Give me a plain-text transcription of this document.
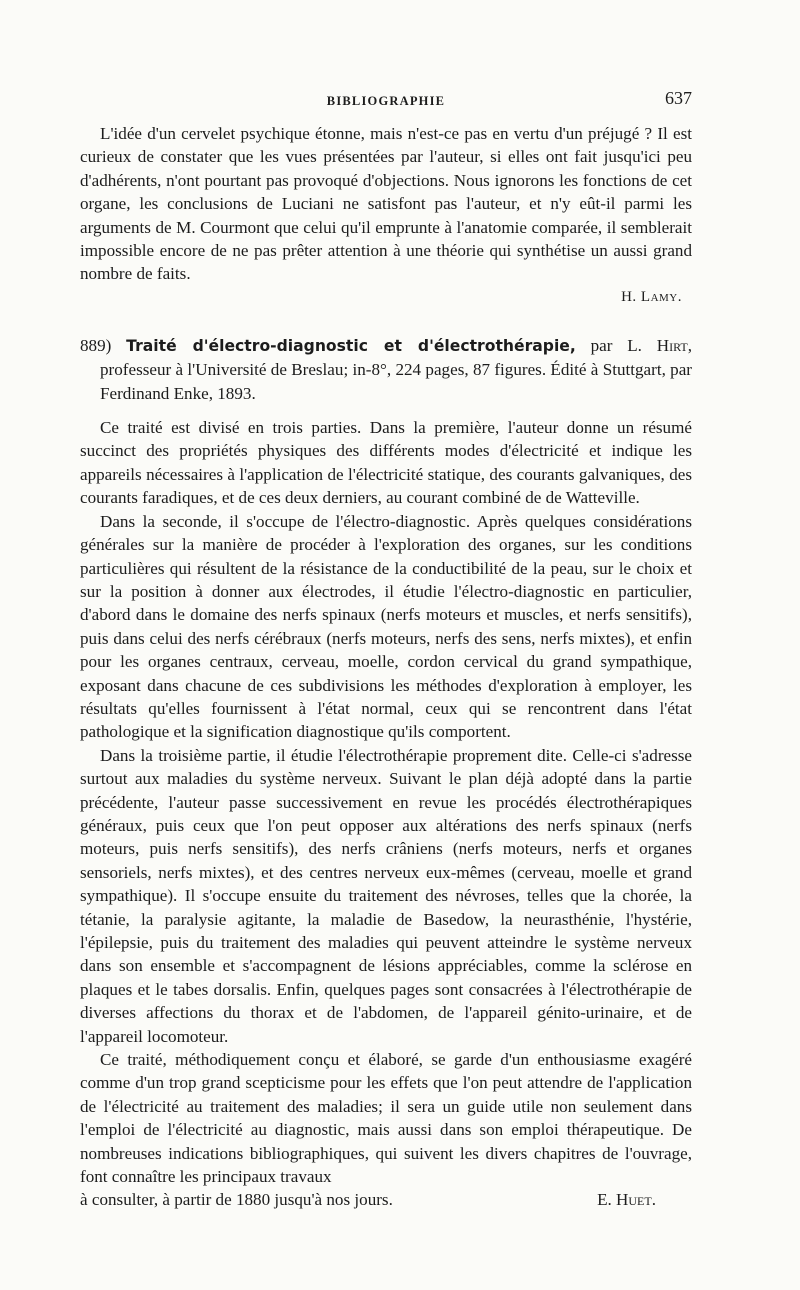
BIBLIOGRAPHIE	637

L'idée d'un cervelet psychique étonne, mais n'est-ce pas en vertu d'un préjugé ? Il est curieux de constater que les vues présentées par l'auteur, si elles ont fait jusqu'ici peu d'adhérents, n'ont pourtant pas provoqué d'objections. Nous ignorons les fonctions de cet organe, les conclusions de Luciani ne satisfont pas l'auteur, et n'y eût-il parmi les arguments de M. Courmont que celui qu'il emprunte à l'anatomie comparée, il semblerait impossible encore de ne pas prêter attention à une théorie qui synthétise un aussi grand nombre de faits.

H. Lamy.

889) Traité d'électro-diagnostic et d'électrothérapie, par L. Hirt, professeur à l'Université de Breslau; in-8°, 224 pages, 87 figures. Édité à Stuttgart, par Ferdinand Enke, 1893.

Ce traité est divisé en trois parties. Dans la première, l'auteur donne un résumé succinct des propriétés physiques des différents modes d'électricité et indique les appareils nécessaires à l'application de l'électricité statique, des courants galvaniques, des courants faradiques, et de ces deux derniers, au courant combiné de de Watteville.

Dans la seconde, il s'occupe de l'électro-diagnostic. Après quelques considérations générales sur la manière de procéder à l'exploration des organes, sur les conditions particulières qui résultent de la résistance de la conductibilité de la peau, sur le choix et sur la position à donner aux électrodes, il étudie l'électro-diagnostic en particulier, d'abord dans le domaine des nerfs spinaux (nerfs moteurs et muscles, et nerfs sensitifs), puis dans celui des nerfs cérébraux (nerfs moteurs, nerfs des sens, nerfs mixtes), et enfin pour les organes centraux, cerveau, moelle, cordon cervical du grand sympathique, exposant dans chacune de ces subdivisions les méthodes d'exploration à employer, les résultats qu'elles fournissent à l'état normal, ceux qui se rencontrent dans l'état pathologique et la signification diagnostique qu'ils comportent.

Dans la troisième partie, il étudie l'électrothérapie proprement dite. Celle-ci s'adresse surtout aux maladies du système nerveux. Suivant le plan déjà adopté dans la partie précédente, l'auteur passe successivement en revue les procédés électrothérapiques généraux, puis ceux que l'on peut opposer aux altérations des nerfs spinaux (nerfs moteurs, puis nerfs sensitifs), des nerfs crâniens (nerfs moteurs, nerfs et organes sensoriels, nerfs mixtes), et des centres nerveux eux-mêmes (cerveau, moelle et grand sympathique). Il s'occupe ensuite du traitement des névroses, telles que la chorée, la tétanie, la paralysie agitante, la maladie de Basedow, la neurasthénie, l'hystérie, l'épilepsie, puis du traitement des maladies qui peuvent atteindre le système nerveux dans son ensemble et s'accompagnent de lésions appréciables, comme la sclérose en plaques et le tabes dorsalis. Enfin, quelques pages sont consacrées à l'électrothérapie de diverses affections du thorax et de l'abdomen, de l'appareil génito-urinaire, et de l'appareil locomoteur.

Ce traité, méthodiquement conçu et élaboré, se garde d'un enthousiasme exagéré comme d'un trop grand scepticisme pour les effets que l'on peut attendre de l'application de l'électricité au traitement des maladies; il sera un guide utile non seulement dans l'emploi de l'électricité au diagnostic, mais aussi dans son emploi thérapeutique. De nombreuses indications bibliographiques, qui suivent les divers chapitres de l'ouvrage, font connaître les principaux travaux

à consulter, à partir de 1880 jusqu'à nos jours.	E. Huet.
